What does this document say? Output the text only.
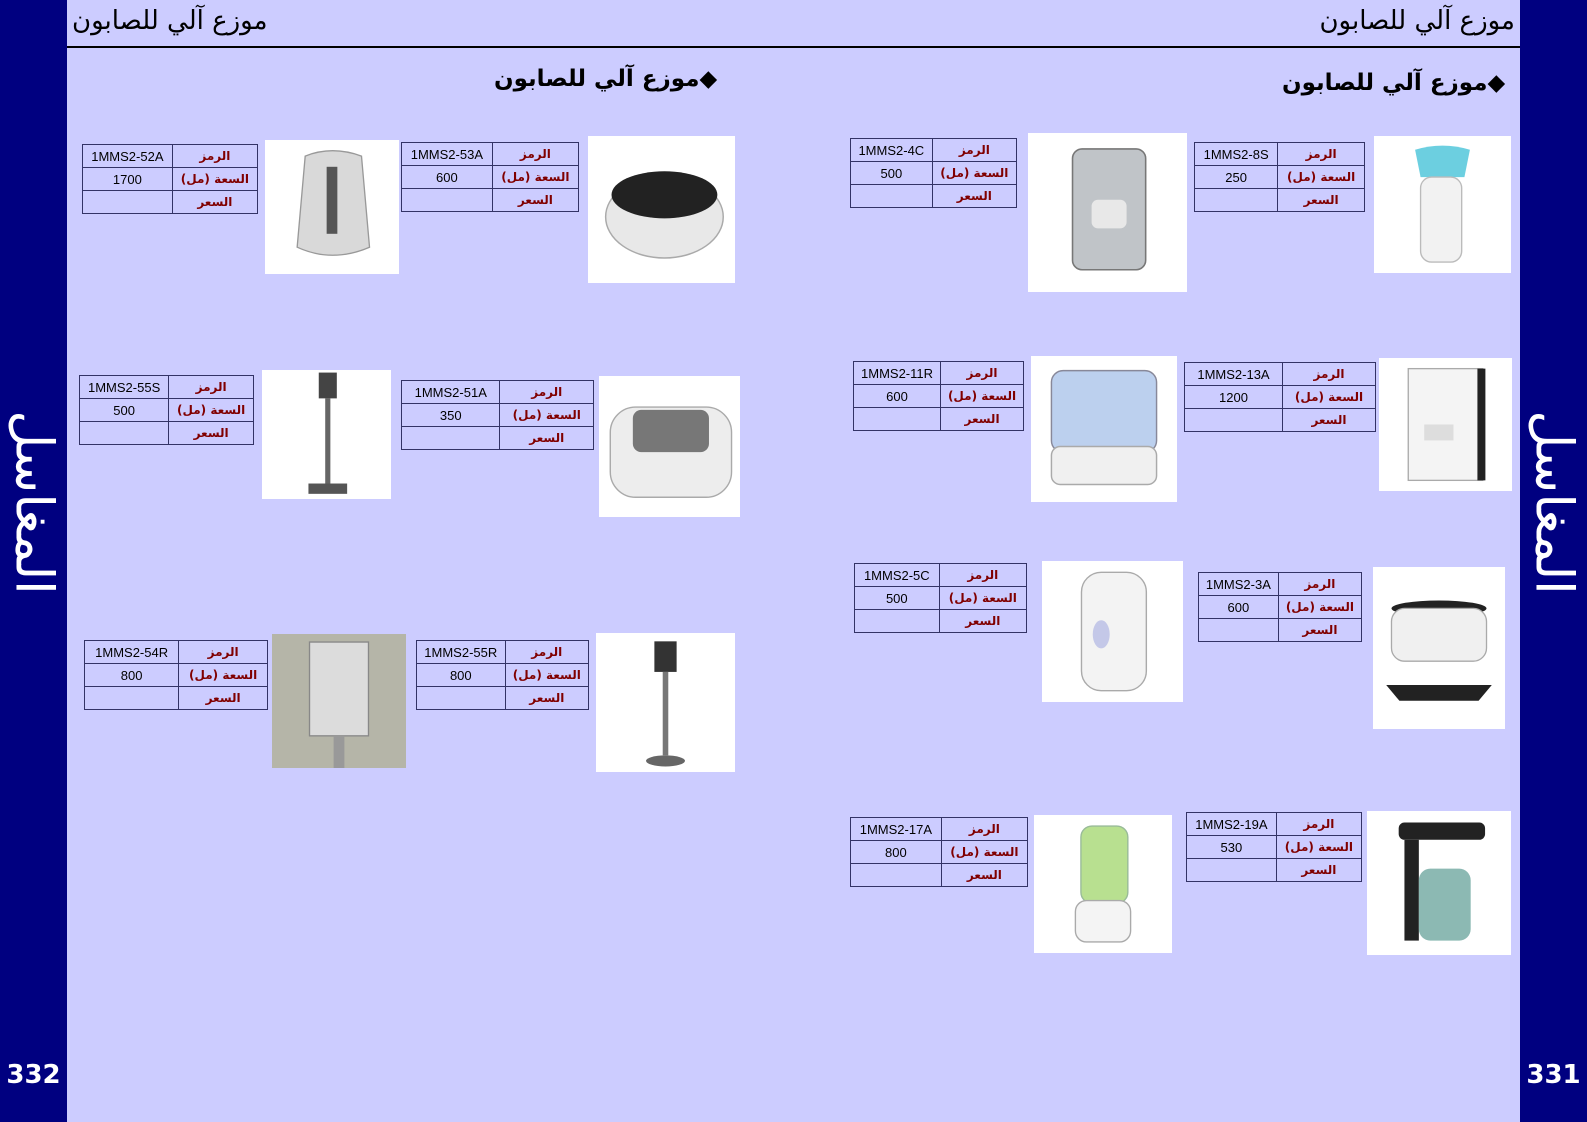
المغاسل
332
المغاسل
331
موزع آلي للصابون	موزع آلي للصابون
◆موزع آلي للصابون	◆موزع آلي للصابون
1MMS2-52A	الرمز
1700	السعة (مل)
	السعر
1MMS2-53A	الرمز
600	السعة (مل)
	السعر
1MMS2-55S	الرمز
500	السعة (مل)
	السعر
1MMS2-51A	الرمز
350	السعة (مل)
	السعر
1MMS2-54R	الرمز
800	السعة (مل)
	السعر
1MMS2-55R	الرمز
800	السعة (مل)
	السعر
1MMS2-4C	الرمز
500	السعة (مل)
	السعر
1MMS2-8S	الرمز
250	السعة (مل)
	السعر
1MMS2-11R	الرمز
600	السعة (مل)
	السعر
1MMS2-13A	الرمز
1200	السعة (مل)
	السعر
1MMS2-5C	الرمز
500	السعة (مل)
	السعر
1MMS2-3A	الرمز
600	السعة (مل)
	السعر
1MMS2-17A	الرمز
800	السعة (مل)
	السعر
1MMS2-19A	الرمز
530	السعة (مل)
	السعر
